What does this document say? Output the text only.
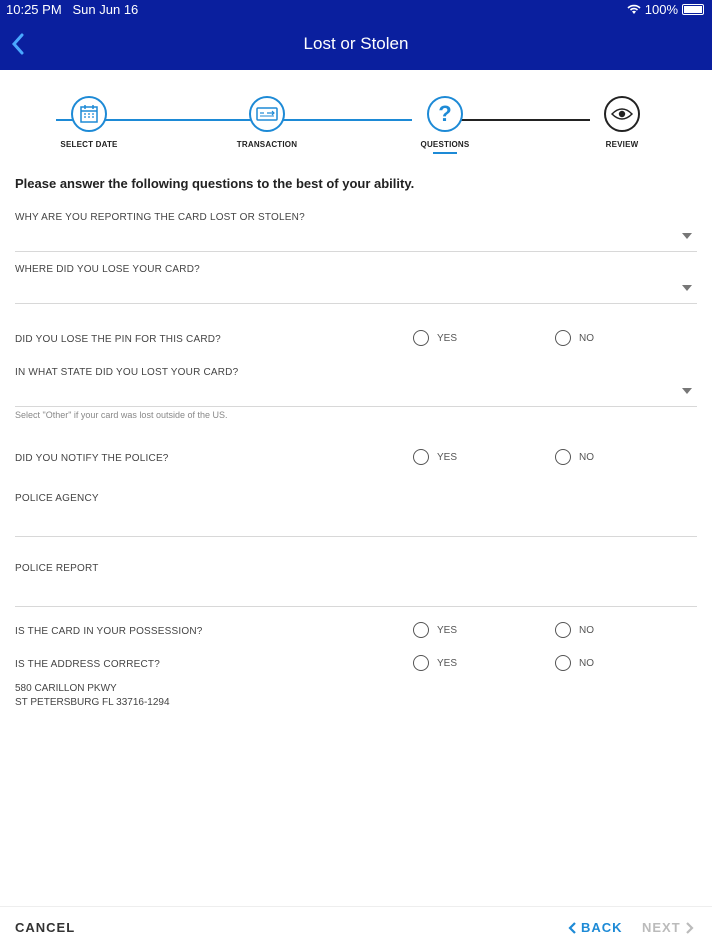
10:25 PM Sun Jun 16	100%
Lost or Stolen
SELECT DATE	TRANSACTION
?
QUESTIONS	REVIEW
Please answer the following questions to the best of your ability.
WHY ARE YOU REPORTING THE CARD LOST OR STOLEN?
WHERE DID YOU LOSE YOUR CARD?
DID YOU LOSE THE PIN FOR THIS CARD?	YES	NO
IN WHAT STATE DID YOU LOST YOUR CARD?
Select "Other" if your card was lost outside of the US.
DID YOU NOTIFY THE POLICE?	YES	NO
POLICE AGENCY
POLICE REPORT
IS THE CARD IN YOUR POSSESSION?	YES	NO
IS THE ADDRESS CORRECT?	YES	NO
580 CARILLON PKWY
ST PETERSBURG FL 33716-1294
CANCEL	BACK NEXT
